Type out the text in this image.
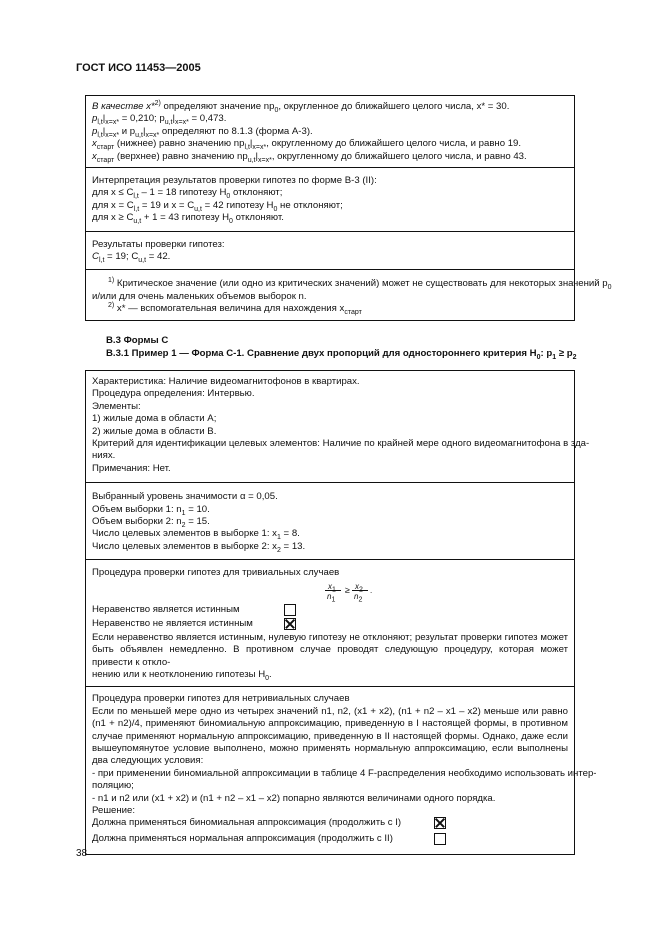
ГОСТ ИСО 11453—2005
В качестве x*$^{2)}$ определяют значение $np_0$, округленное до ближайшего целого числа, x* = 30.
$p_{l,t}|_{x=x*} = 0,210$; $p_{u,t}|_{x=x*} = 0,473$.
$p_{l,t}|_{x=x*}$ и $p_{u,t}|_{x=x*}$ определяют по 8.1.3 (форма А-3).
$x_{старт}$ (нижнее) равно значению $np_{l,t}|_{x=x*}$, округленному до ближайшего целого числа, и равно 19.
$x_{старт}$ (верхнее) равно значению $np_{u,t}|_{x=x*}$, округленному до ближайшего целого числа, и равно 43.
Интерпретация результатов проверки гипотез по форме В-3 (II):
для $x \le C_{l,t} - 1 = 18$ гипотезу $H_0$ отклоняют;
для $x = C_{l,t} = 19$ и $x = C_{u,t} = 42$ гипотезу $H_0$ не отклоняют;
для $x \ge C_{u,t} + 1 = 43$ гипотезу $H_0$ отклоняют.
Результаты проверки гипотез:
$C_{l,t} = 19$; $C_{u,t} = 42$.
$^{1)}$ Критическое значение (или одно из критических значений) может не существовать для некоторых значений $p_0$
и/или для очень маленьких объемов выборок n.
$^{2)}$ x* — вспомогательная величина для нахождения $x_{старт}$
В.3 Формы С
В.3.1 Пример 1 — Форма С-1. Сравнение двух пропорций для одностороннего критерия $H_0$: $p_1 \ge p_2$
Характеристика: Наличие видеомагнитофонов в квартирах.
Процедура определения: Интервью.
Элементы:
1) жилые дома в области А;
2) жилые дома в области В.
Критерий для идентификации целевых элементов: Наличие по крайней мере одного видеомагнитофона в зда-
ниях.
Примечания: Нет.
Выбранный уровень значимости α = 0,05.
Объем выборки 1: $n_1 = 10$.
Объем выборки 2: $n_2 = 15$.
Число целевых элементов в выборке 1: $x_1 = 8$.
Число целевых элементов в выборке 2: $x_2 = 13$.
Процедура проверки гипотез для тривиальных случаев
$x_1$
$n_1$
≥ $x_2$
$n_2$
.
Неравенство является истинным
Неравенство не является истинным
Если неравенство является истинным, нулевую гипотезу не отклоняют; результат проверки гипотез может быть объявлен немедленно. В противном случае проводят следующую процедуру, которая может привести к откло-
нению или к неотклонению гипотезы $H_0$.
Процедура проверки гипотез для нетривиальных случаев
Если по меньшей мере одно из четырех значений n1, n2, (x1 + x2), (n1 + n2 – x1 – x2) меньше или равно (n1 + n2)/4, применяют биномиальную аппроксимацию, приведенную в I настоящей формы, в противном случае применяют нормальную аппроксимацию, приведенную в II настоящей формы. Однако, даже если вышеупомянутое условие выполнено, можно применять нормальную аппроксимацию, если выполнены два следующих условия:
- при применении биномиальной аппроксимации в таблице 4 F-распределения необходимо использовать интер-
поляцию;
- n1 и n2 или (x1 + x2) и (n1 + n2 – x1 – x2) попарно являются величинами одного порядка.
Решение:
Должна применяться биномиальная аппроксимация (продолжить с I)
Должна применяться нормальная аппроксимация (продолжить с II)
38
